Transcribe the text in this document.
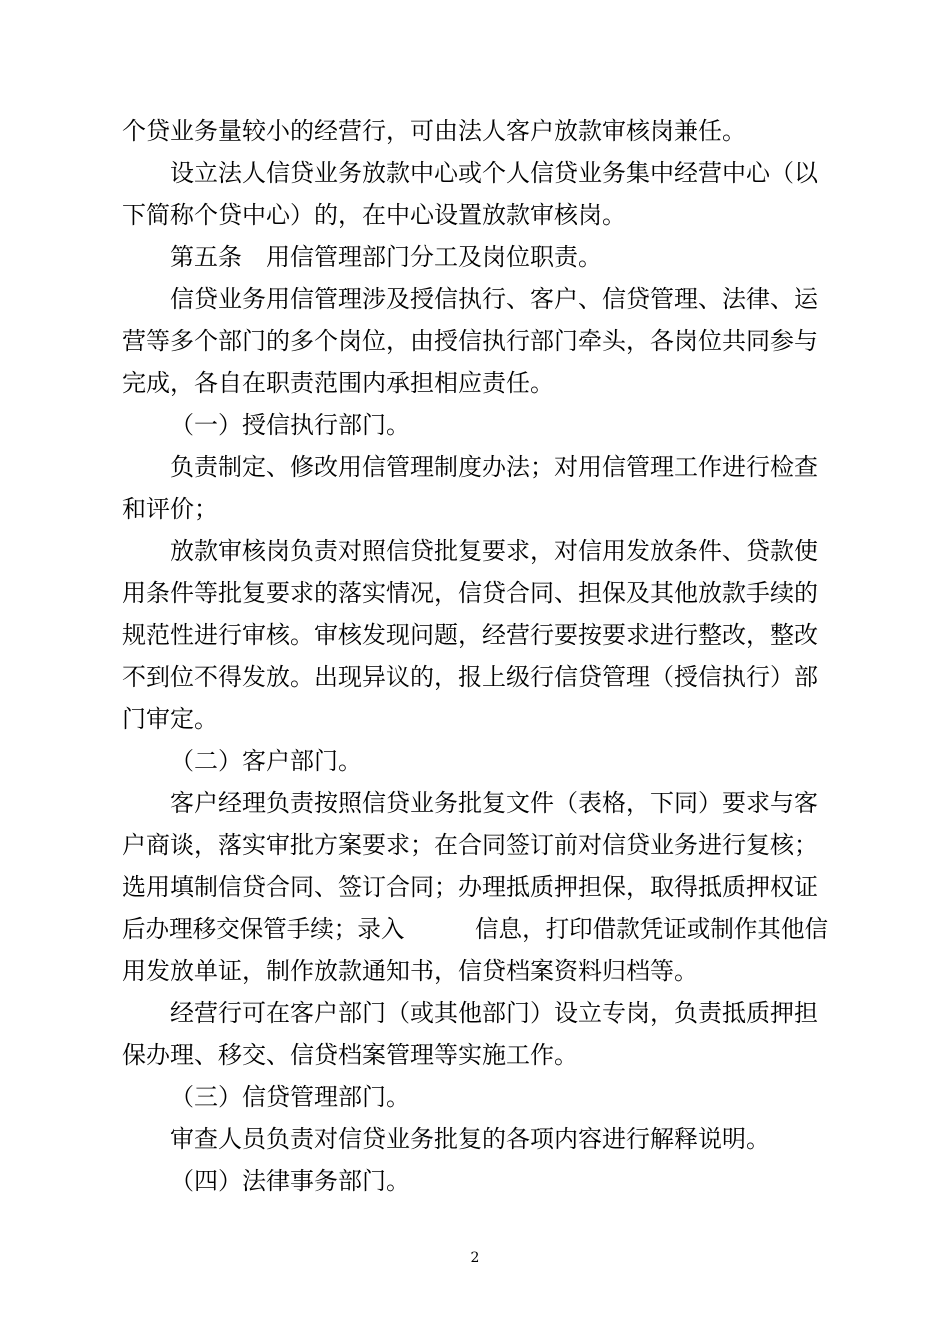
个贷业务量较小的经营行，可由法人客户放款审核岗兼任。
设立法人信贷业务放款中心或个人信贷业务集中经营中心（以
下简称个贷中心）的，在中心设置放款审核岗。
第五条　用信管理部门分工及岗位职责。
信贷业务用信管理涉及授信执行、客户、信贷管理、法律、运
营等多个部门的多个岗位，由授信执行部门牵头，各岗位共同参与
完成，各自在职责范围内承担相应责任。
（一）授信执行部门。
负责制定、修改用信管理制度办法；对用信管理工作进行检查
和评价；
放款审核岗负责对照信贷批复要求，对信用发放条件、贷款使
用条件等批复要求的落实情况，信贷合同、担保及其他放款手续的
规范性进行审核。审核发现问题，经营行要按要求进行整改，整改
不到位不得发放。出现异议的，报上级行信贷管理（授信执行）部
门审定。
（二）客户部门。
客户经理负责按照信贷业务批复文件（表格，下同）要求与客
户商谈，落实审批方案要求；在合同签订前对信贷业务进行复核；
选用填制信贷合同、签订合同；办理抵质押担保，取得抵质押权证
后办理移交保管手续；录入　　　信息，打印借款凭证或制作其他信
用发放单证，制作放款通知书，信贷档案资料归档等。
经营行可在客户部门（或其他部门）设立专岗，负责抵质押担
保办理、移交、信贷档案管理等实施工作。
（三）信贷管理部门。
审查人员负责对信贷业务批复的各项内容进行解释说明。
（四）法律事务部门。
2
